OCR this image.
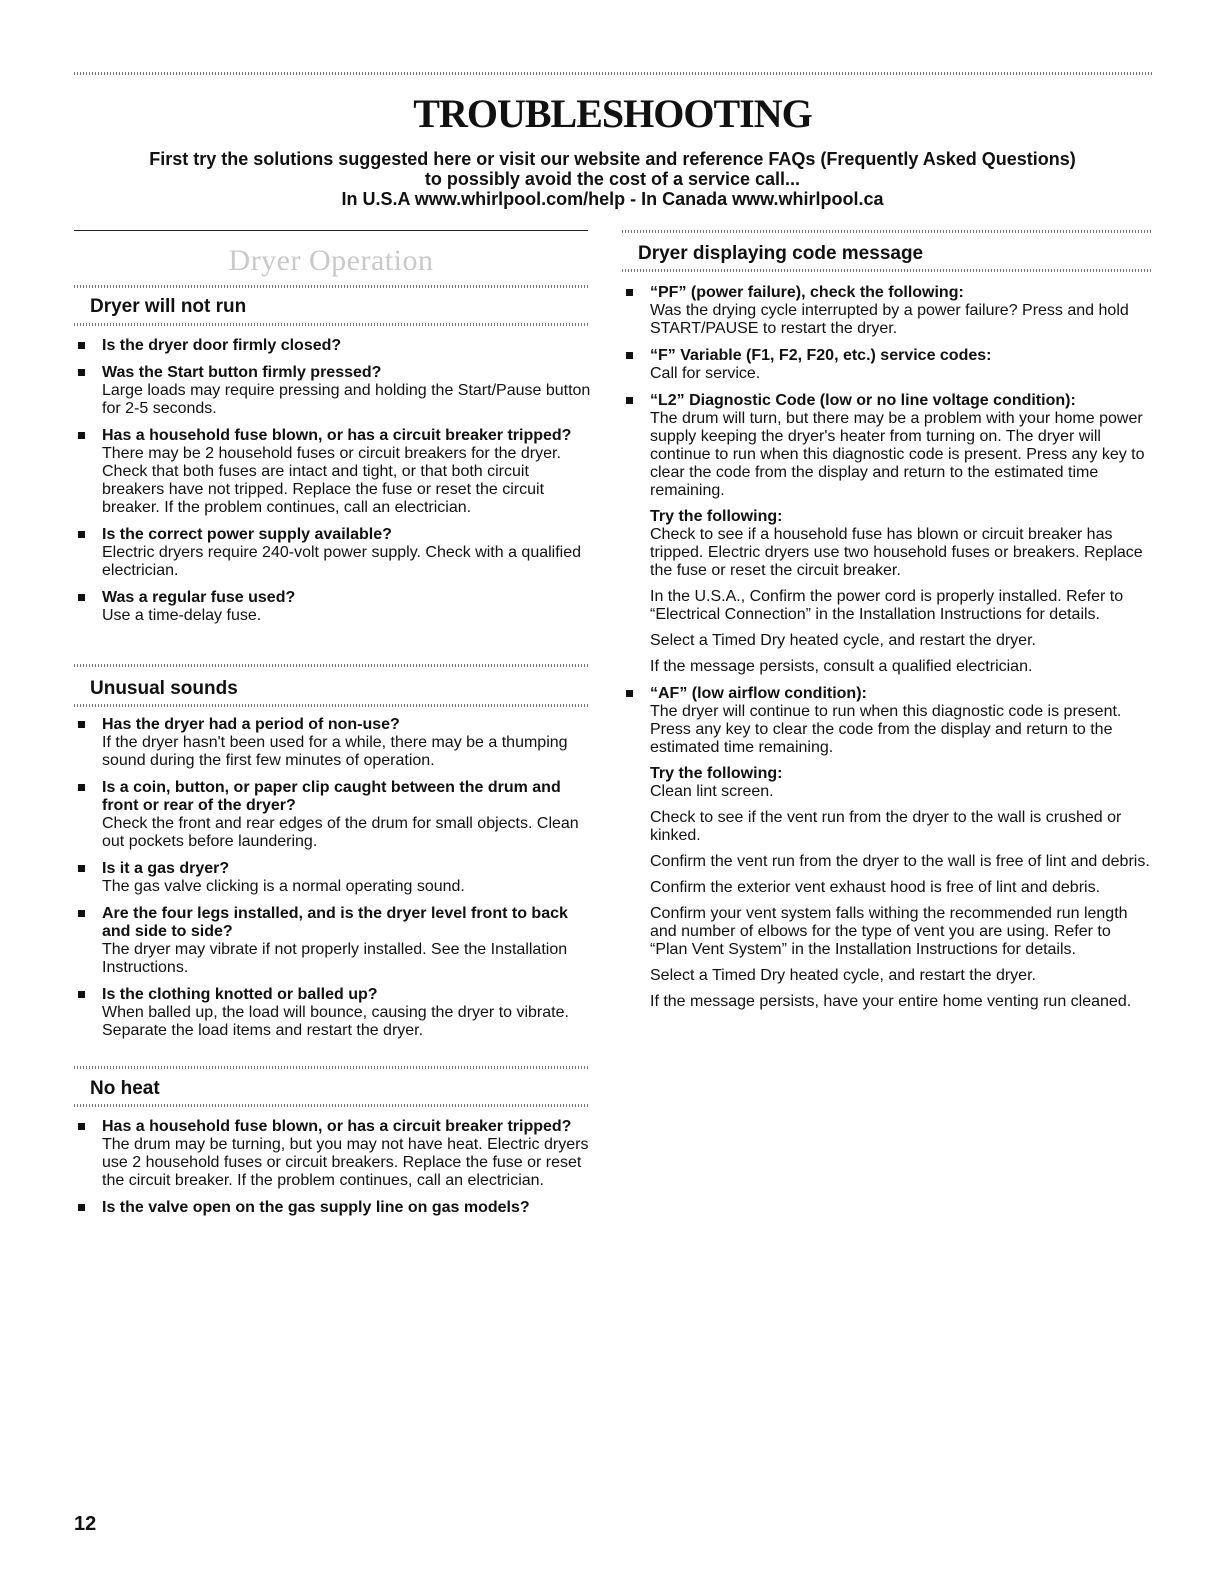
TROUBLESHOOTING
First try the solutions suggested here or visit our website and reference FAQs (Frequently Asked Questions)
to possibly avoid the cost of a service call...
In U.S.A www.whirlpool.com/help - In Canada www.whirlpool.ca
Dryer Operation
Dryer will not run
Is the dryer door firmly closed?
Was the Start button firmly pressed?
Large loads may require pressing and holding the Start/Pause button for 2-5 seconds.
Has a household fuse blown, or has a circuit breaker tripped?
There may be 2 household fuses or circuit breakers for the dryer. Check that both fuses are intact and tight, or that both circuit breakers have not tripped. Replace the fuse or reset the circuit breaker. If the problem continues, call an electrician.
Is the correct power supply available?
Electric dryers require 240-volt power supply. Check with a qualified electrician.
Was a regular fuse used?
Use a time-delay fuse.
Unusual sounds
Has the dryer had a period of non-use?
If the dryer hasn't been used for a while, there may be a thumping sound during the first few minutes of operation.
Is a coin, button, or paper clip caught between the drum and front or rear of the dryer?
Check the front and rear edges of the drum for small objects. Clean out pockets before laundering.
Is it a gas dryer?
The gas valve clicking is a normal operating sound.
Are the four legs installed, and is the dryer level front to back and side to side?
The dryer may vibrate if not properly installed. See the Installation Instructions.
Is the clothing knotted or balled up?
When balled up, the load will bounce, causing the dryer to vibrate. Separate the load items and restart the dryer.
No heat
Has a household fuse blown, or has a circuit breaker tripped?
The drum may be turning, but you may not have heat. Electric dryers use 2 household fuses or circuit breakers. Replace the fuse or reset the circuit breaker. If the problem continues, call an electrician.
Is the valve open on the gas supply line on gas models?
Dryer displaying code message
“PF” (power failure), check the following:
Was the drying cycle interrupted by a power failure? Press and hold START/PAUSE to restart the dryer.
“F” Variable (F1, F2, F20, etc.) service codes:
Call for service.
“L2” Diagnostic Code (low or no line voltage condition):
The drum will turn, but there may be a problem with your home power supply keeping the dryer's heater from turning on. The dryer will continue to run when this diagnostic code is present. Press any key to clear the code from the display and return to the estimated time remaining.
Try the following:
Check to see if a household fuse has blown or circuit breaker has tripped. Electric dryers use two household fuses or breakers. Replace the fuse or reset the circuit breaker.
In the U.S.A., Confirm the power cord is properly installed. Refer to “Electrical Connection” in the Installation Instructions for details.
Select a Timed Dry heated cycle, and restart the dryer.
If the message persists, consult a qualified electrician.
“AF” (low airflow condition):
The dryer will continue to run when this diagnostic code is present. Press any key to clear the code from the display and return to the estimated time remaining.
Try the following:
Clean lint screen.
Check to see if the vent run from the dryer to the wall is crushed or kinked.
Confirm the vent run from the dryer to the wall is free of lint and debris.
Confirm the exterior vent exhaust hood is free of lint and debris.
Confirm your vent system falls withing the recommended run length and number of elbows for the type of vent you are using. Refer to “Plan Vent System” in the Installation Instructions for details.
Select a Timed Dry heated cycle, and restart the dryer.
If the message persists, have your entire home venting run cleaned.
12
